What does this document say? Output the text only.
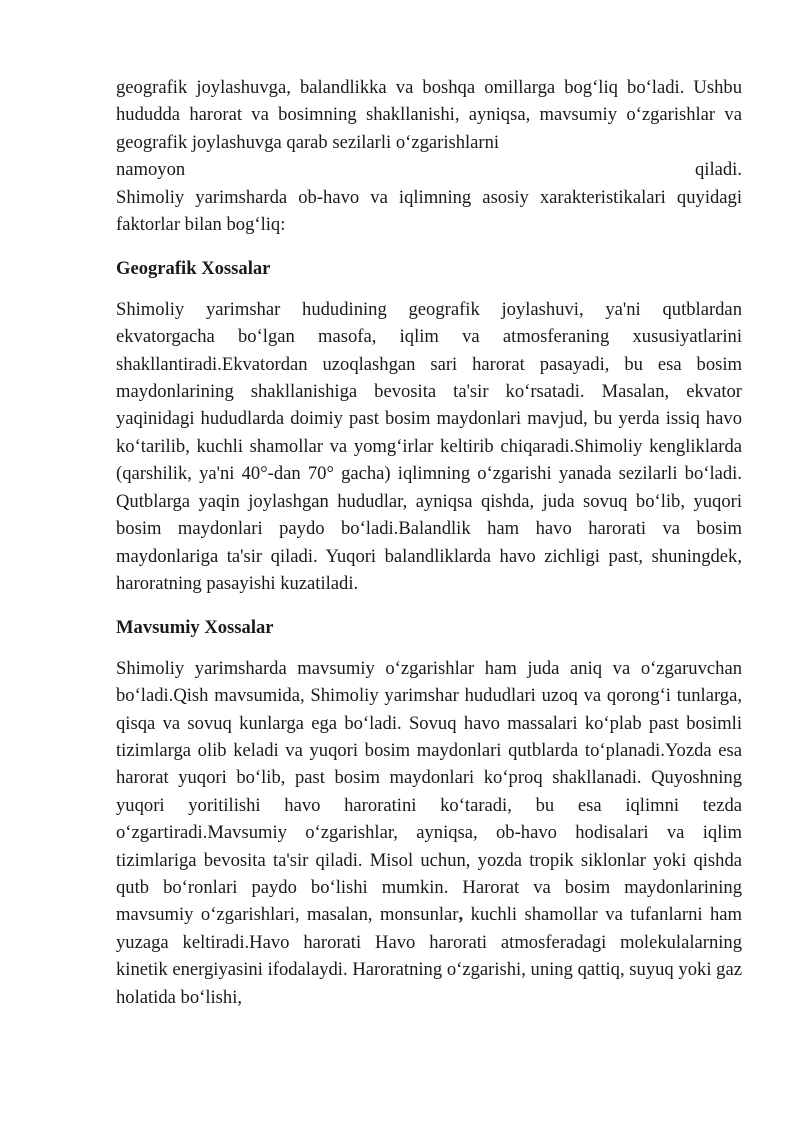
geografik joylashuvga, balandlikka va boshqa omillarga bog‘liq bo‘ladi. Ushbu hududda harorat va bosimning shakllanishi, ayniqsa, mavsumiy o‘zgarishlar va geografik joylashuvga qarab sezilarli o‘zgarishlarni
namoyon	qiladi.
Shimoliy yarimsharda ob-havo va iqlimning asosiy xarakteristikalari quyidagi faktorlar bilan bog‘liq:

Geografik Xossalar

Shimoliy yarimshar hududining geografik joylashuvi, ya'ni qutblardan ekvatorgacha bo‘lgan masofa, iqlim va atmosferaning xususiyatlarini shakllantiradi.Ekvatordan uzoqlashgan sari harorat pasayadi, bu esa bosim maydonlarining shakllanishiga bevosita ta'sir ko‘rsatadi. Masalan, ekvator yaqinidagi hududlarda doimiy past bosim maydonlari mavjud, bu yerda issiq havo ko‘tarilib, kuchli shamollar va yomg‘irlar keltirib chiqaradi.Shimoliy kengliklarda (qarshilik, ya'ni 40°-dan 70° gacha) iqlimning o‘zgarishi yanada sezilarli bo‘ladi. Qutblarga yaqin joylashgan hududlar, ayniqsa qishda, juda sovuq bo‘lib, yuqori bosim maydonlari paydo bo‘ladi.Balandlik ham havo harorati va bosim maydonlariga ta'sir qiladi. Yuqori balandliklarda havo zichligi past, shuningdek, haroratning pasayishi kuzatiladi.

Mavsumiy Xossalar

Shimoliy yarimsharda mavsumiy o‘zgarishlar ham juda aniq va o‘zgaruvchan bo‘ladi.Qish mavsumida, Shimoliy yarimshar hududlari uzoq va qorong‘i tunlarga, qisqa va sovuq kunlarga ega bo‘ladi. Sovuq havo massalari ko‘plab past bosimli tizimlarga olib keladi va yuqori bosim maydonlari qutblarda to‘planadi.Yozda esa harorat yuqori bo‘lib, past bosim maydonlari ko‘proq shakllanadi. Quyoshning yuqori yoritilishi havo haroratini ko‘taradi, bu esa iqlimni tezda o‘zgartiradi.Mavsumiy o‘zgarishlar, ayniqsa, ob-havo hodisalari va iqlim tizimlariga bevosita ta'sir qiladi. Misol uchun, yozda tropik siklonlar yoki qishda qutb bo‘ronlari paydo bo‘lishi mumkin. Harorat va bosim maydonlarining mavsumiy o‘zgarishlari, masalan, monsunlar, kuchli shamollar va tufanlarni ham yuzaga keltiradi.Havo harorati Havo harorati atmosferadagi molekulalarning kinetik energiyasini ifodalaydi. Haroratning o‘zgarishi, uning qattiq, suyuq yoki gaz holatida bo‘lishi,
